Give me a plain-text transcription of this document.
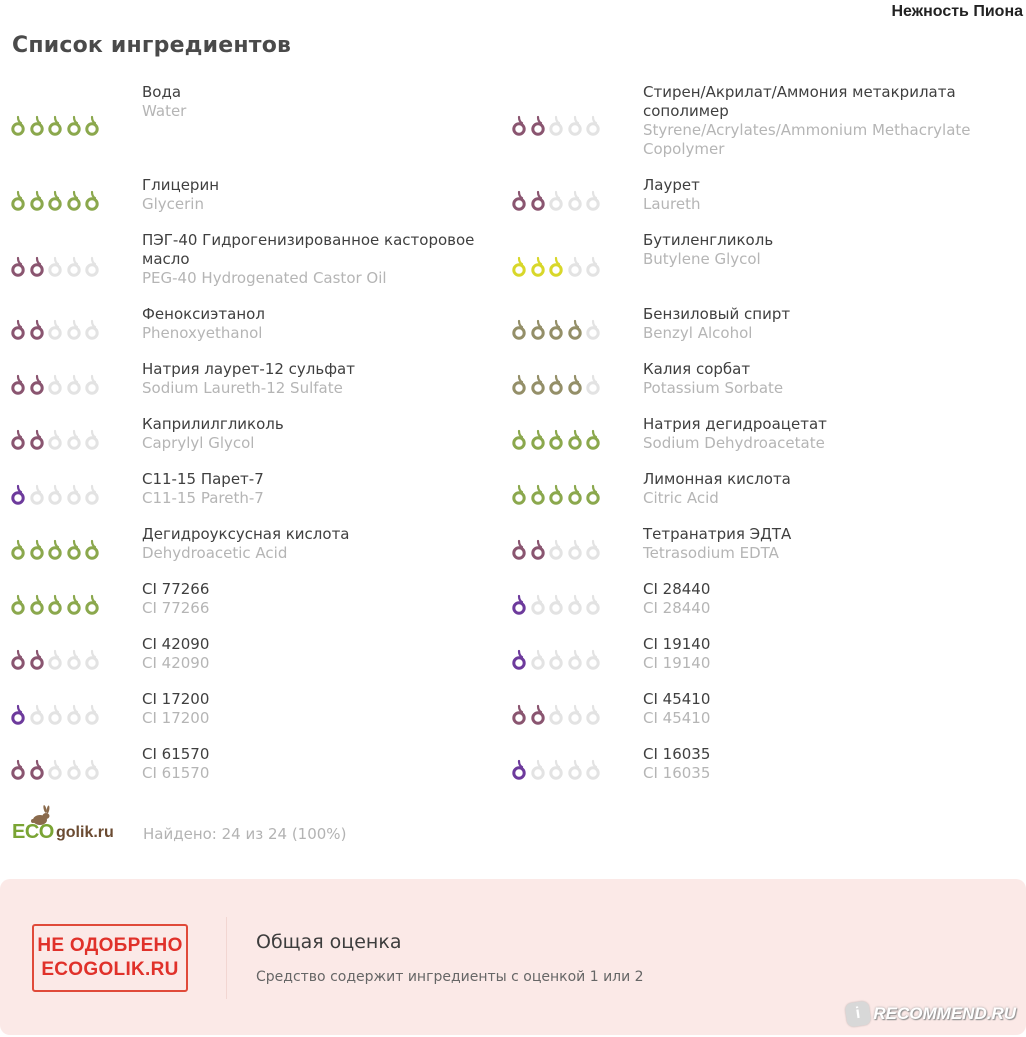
Нежность Пиона
Список ингредиентов
Вода
Water
Глицерин
Glycerin
ПЭГ-40 Гидрогенизированное касторовое масло
PEG-40 Hydrogenated Castor Oil
Феноксиэтанол
Phenoxyethanol
Натрия лаурет-12 сульфат
Sodium Laureth-12 Sulfate
Каприлилгликоль
Caprylyl Glycol
C11-15 Парет-7
C11-15 Pareth-7
Дегидроуксусная кислота
Dehydroacetic Acid
CI 77266
CI 77266
CI 42090
CI 42090
CI 17200
CI 17200
CI 61570
CI 61570
Стирен/Акрилат/Аммония метакрилата сополимер
Styrene/Acrylates/Ammonium Methacrylate Copolymer
Лаурет
Laureth
Бутиленгликоль
Butylene Glycol
Бензиловый спирт
Benzyl Alcohol
Калия сорбат
Potassium Sorbate
Натрия дегидроацетат
Sodium Dehydroacetate
Лимонная кислота
Citric Acid
Тетранатрия ЭДТА
Tetrasodium EDTA
CI 28440
CI 28440
CI 19140
CI 19140
CI 45410
CI 45410
CI 16035
CI 16035
ECO golik.ru Найдено: 24 из 24 (100%)
НЕ ОДОБРЕНО
ECOGOLIK.RU
Общая оценка
Средство содержит ингредиенты с оценкой 1 или 2
i RECOMMEND.RU
